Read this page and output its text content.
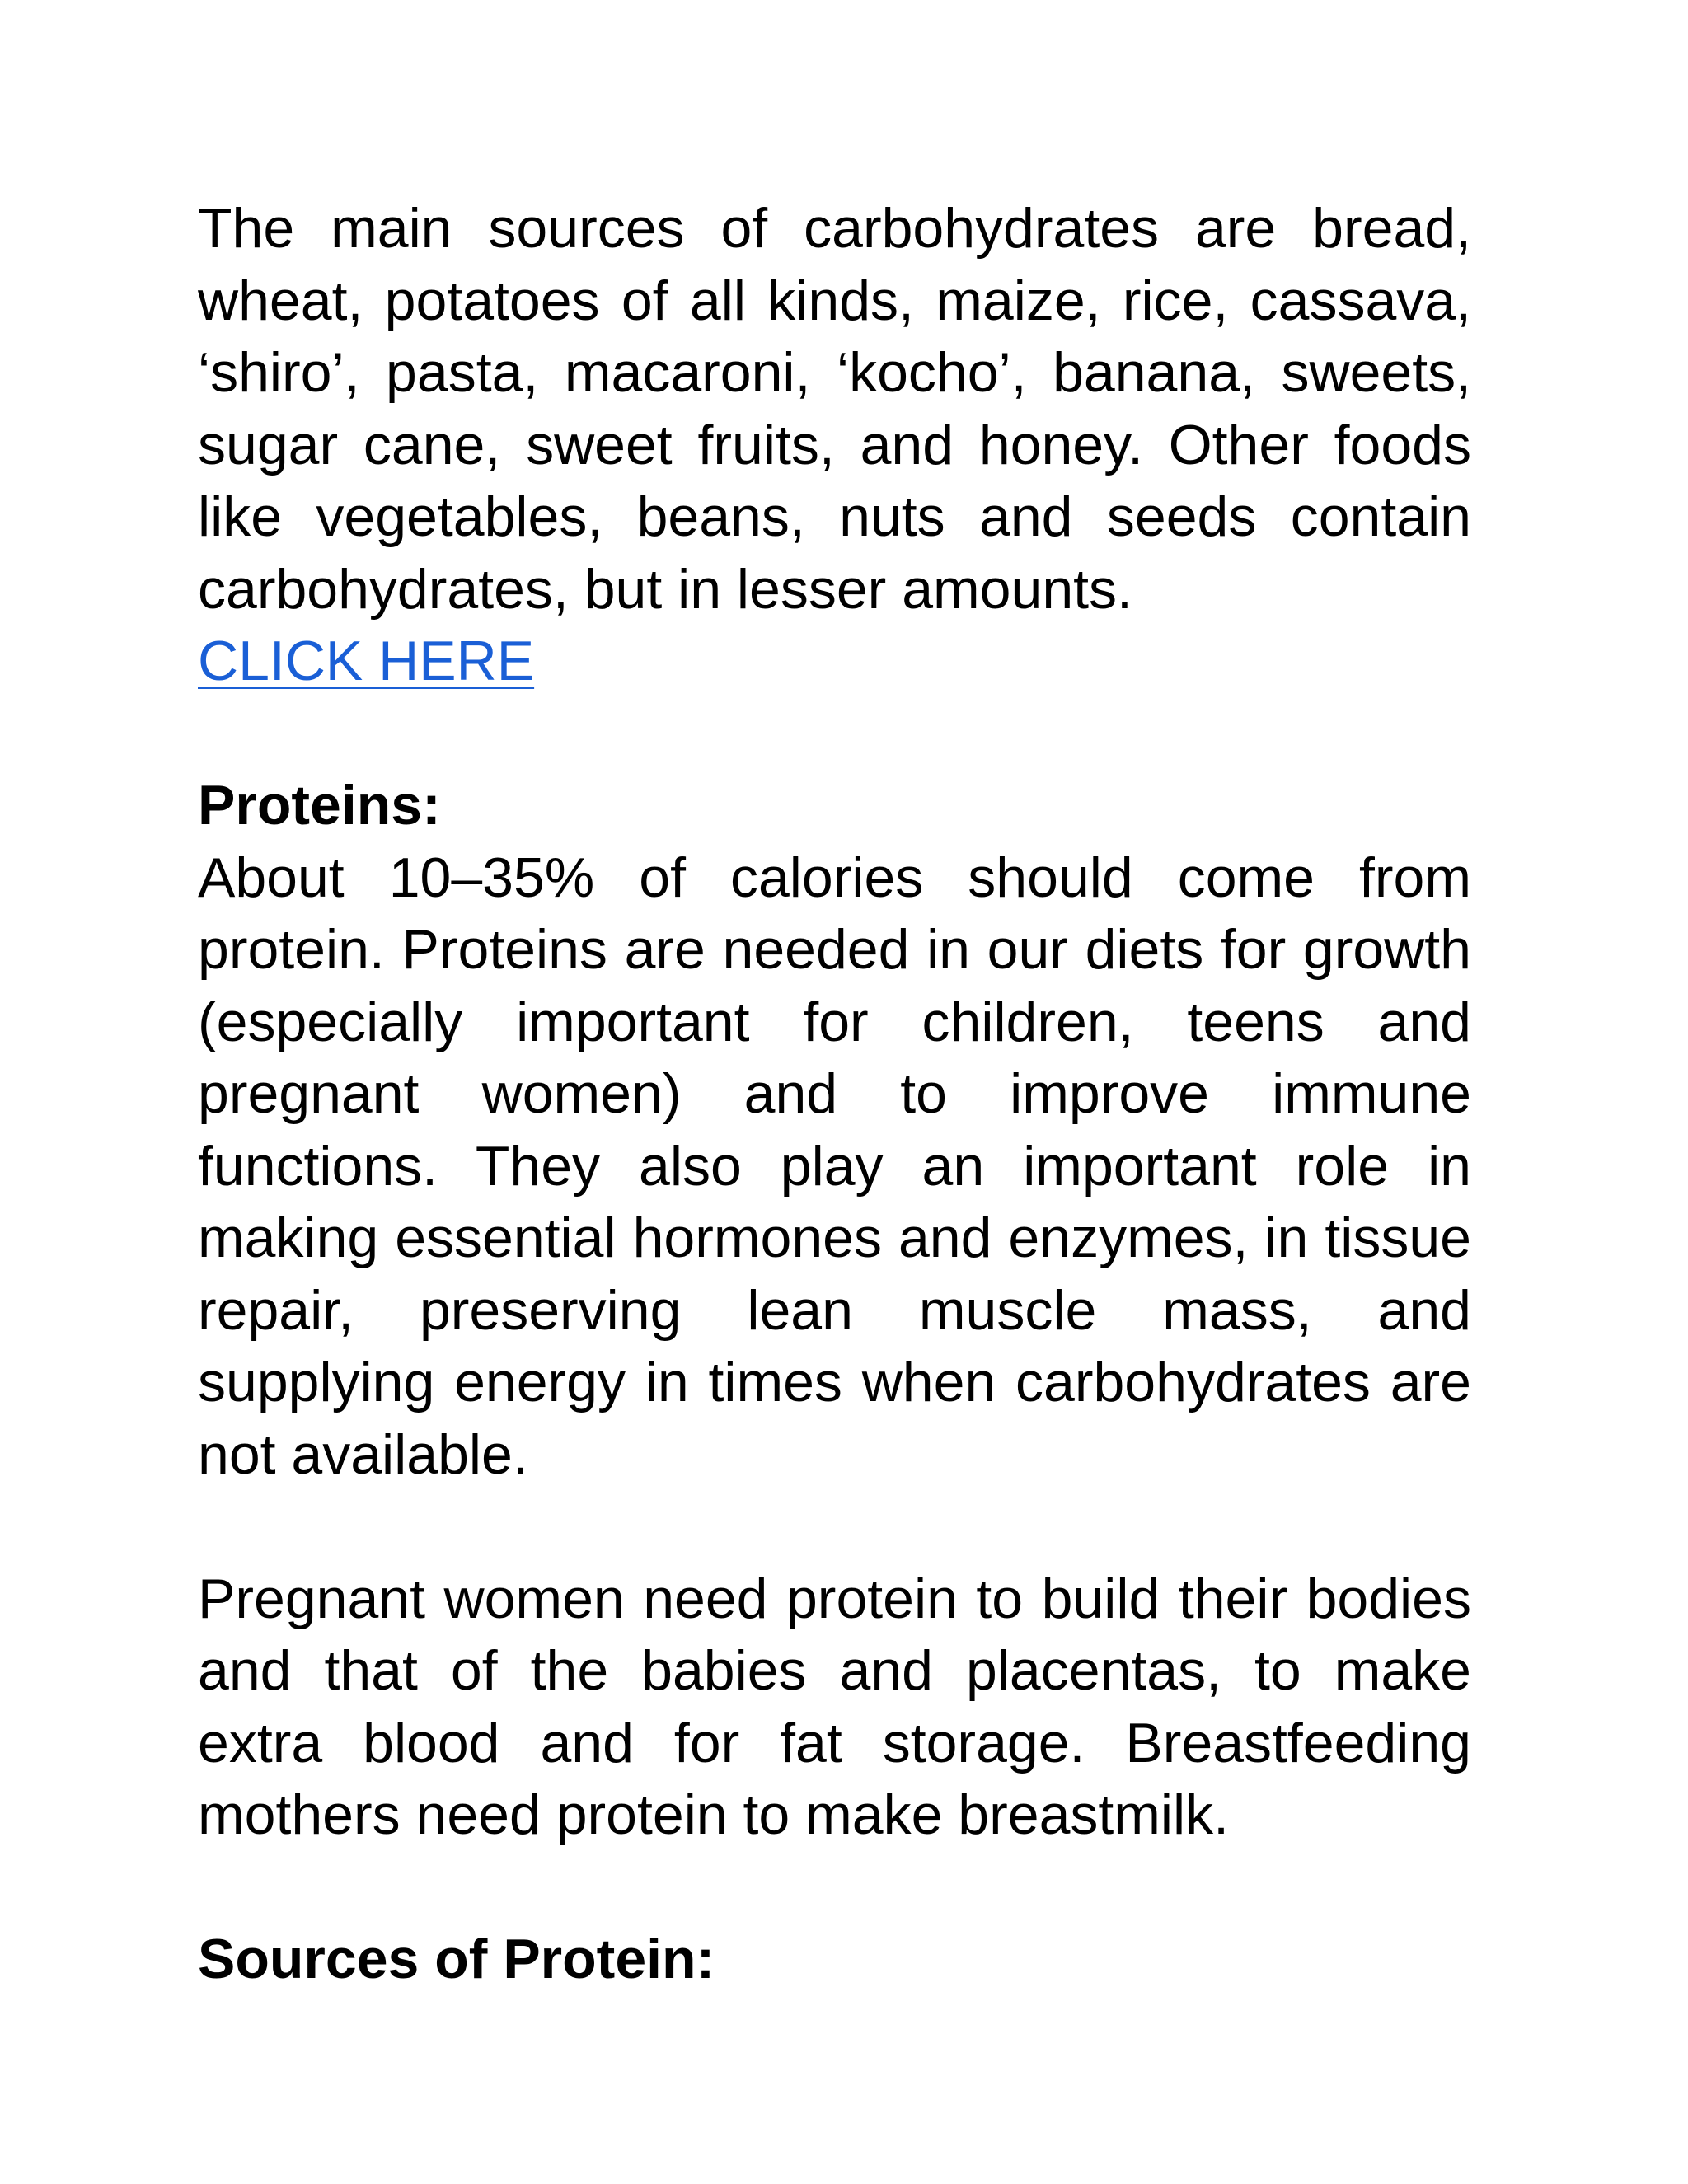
The main sources of carbohydrates are bread, wheat, potatoes of all kinds, maize, rice, cassava, ‘shiro’, pasta, macaroni, ‘kocho’, banana, sweets, sugar cane, sweet fruits, and honey. Other foods like vegetables, beans, nuts and seeds contain carbohydrates, but in lesser amounts.

CLICK HERE
Proteins:

About 10–35% of calories should come from protein. Proteins are needed in our diets for growth (especially important for children, teens and pregnant women) and to improve immune functions. They also play an important role in making essential hormones and enzymes, in tissue repair, preserving lean muscle mass, and supplying energy in times when carbohydrates are not available.

Pregnant women need protein to build their bodies and that of the babies and placentas, to make extra blood and for fat storage. Breastfeeding mothers need protein to make breastmilk.

Sources of Protein:
